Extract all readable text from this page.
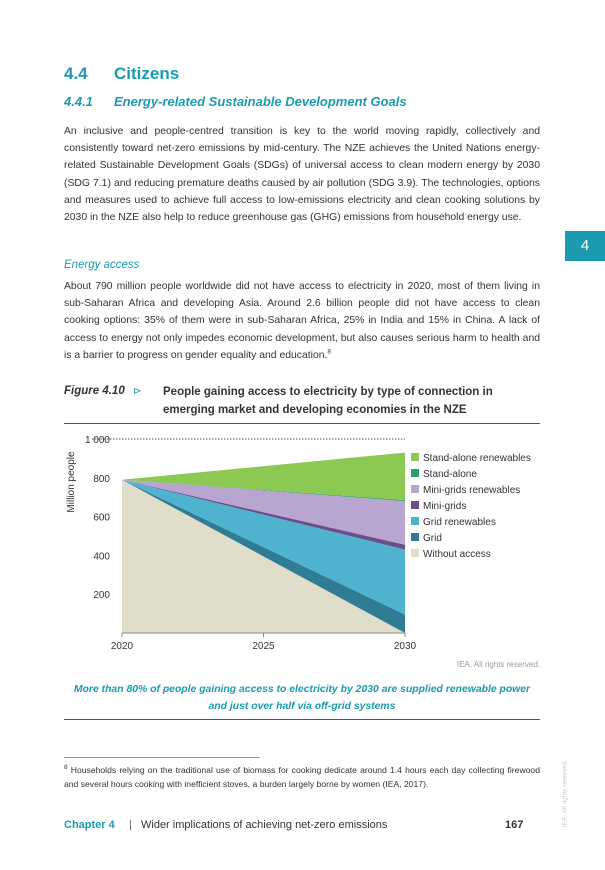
4.4 Citizens
4.4.1 Energy-related Sustainable Development Goals
An inclusive and people-centred transition is key to the world moving rapidly, collectively and consistently toward net-zero emissions by mid-century. The NZE achieves the United Nations energy-related Sustainable Development Goals (SDGs) of universal access to clean modern energy by 2030 (SDG 7.1) and reducing premature deaths caused by air pollution (SDG 3.9). The technologies, options and measures used to achieve full access to low-emissions electricity and clean cooking solutions by 2030 in the NZE also help to reduce greenhouse gas (GHG) emissions from household energy use.
4
Energy access
About 790 million people worldwide did not have access to electricity in 2020, most of them living in sub-Saharan Africa and developing Asia. Around 2.6 billion people did not have access to clean cooking options: 35% of them were in sub-Saharan Africa, 25% in India and 15% in China. A lack of access to energy not only impedes economic development, but also causes serious harm to health and is a barrier to progress on gender equality and education.$^8$
Figure 4.10 ⊳ People gaining access to electricity by type of connection in emerging market and developing economies in the NZE
Million people
200
400
600
800
1 000
2020	2025	2030
Stand-alone renewables
Stand-alone
Mini-grids renewables
Mini-grids
Grid renewables
Grid
Without access
IEA. All rights reserved.
More than 80% of people gaining access to electricity by 2030 are supplied renewable power and just over half via off-grid systems
$^8$ Households relying on the traditional use of biomass for cooking dedicate around 1.4 hours each day collecting firewood and several hours cooking with inefficient stoves, a burden largely borne by women (IEA, 2017).
Chapter 4 | Wider implications of achieving net-zero emissions	167	IEA. All rights reserved.
